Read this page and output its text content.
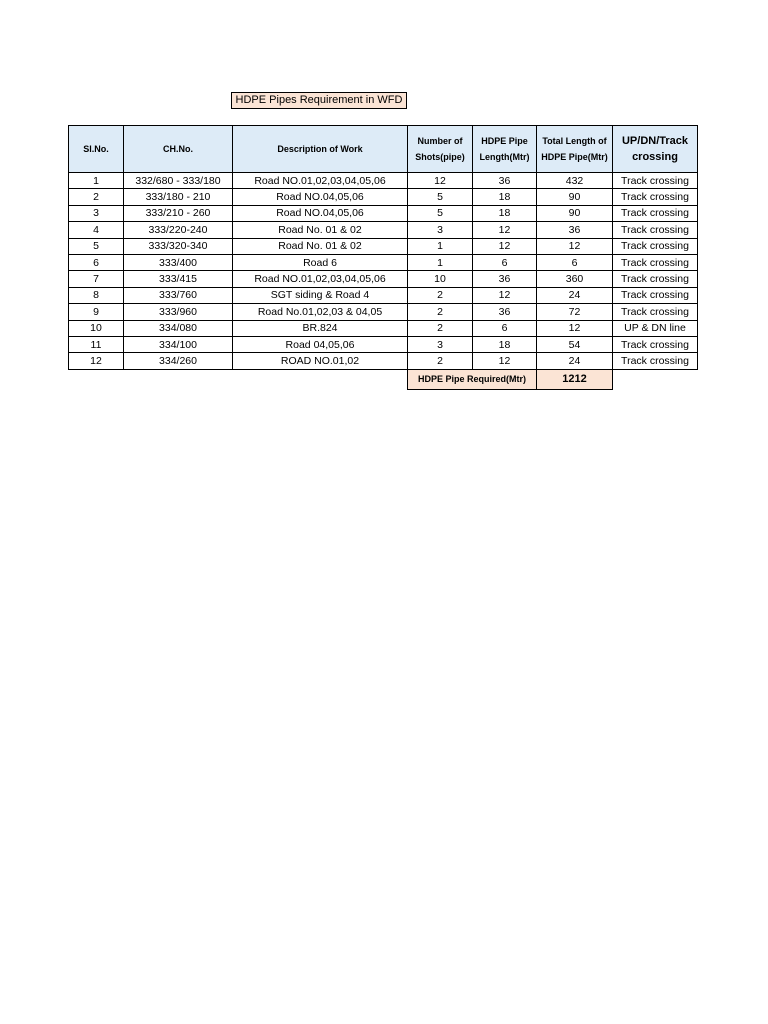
HDPE Pipes Requirement in WFD
Sl.No.	CH.No.	Description of Work	Number of Shots(pipe)	HDPE Pipe Length(Mtr)	Total Length of HDPE Pipe(Mtr)	UP/DN/Track crossing
1	332/680 - 333/180	Road NO.01,02,03,04,05,06	12	36	432	Track crossing
2	333/180 - 210	Road NO.04,05,06	5	18	90	Track crossing
3	333/210 - 260	Road NO.04,05,06	5	18	90	Track crossing
4	333/220-240	Road No. 01 & 02	3	12	36	Track crossing
5	333/320-340	Road No. 01 & 02	1	12	12	Track crossing
6	333/400	Road 6	1	6	6	Track crossing
7	333/415	Road NO.01,02,03,04,05,06	10	36	360	Track crossing
8	333/760	SGT siding & Road 4	2	12	24	Track crossing
9	333/960	Road No.01,02,03 & 04,05	2	36	72	Track crossing
10	334/080	BR.824	2	6	12	UP & DN line
11	334/100	Road 04,05,06	3	18	54	Track crossing
12	334/260	ROAD NO.01,02	2	12	24	Track crossing
			HDPE Pipe Required(Mtr)		1212	
